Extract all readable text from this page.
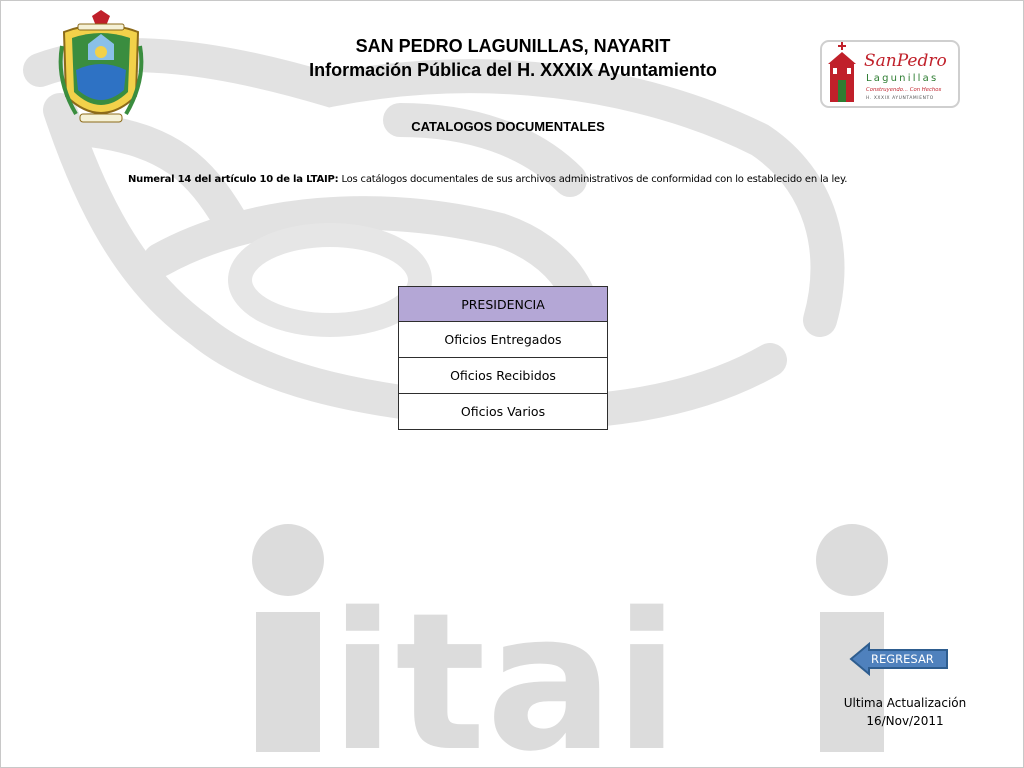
itai
SAN PEDRO LAGUNILLAS, NAYARIT
Información Pública del H. XXXIX Ayuntamiento	SanPedro
Lagunillas
Construyendo... Con Hechos
H. XXXIX AYUNTAMIENTO
CATALOGOS DOCUMENTALES
Numeral 14 del artículo 10 de la LTAIP: Los catálogos documentales de sus archivos administrativos de conformidad con lo establecido en la ley.
PRESIDENCIA
Oficios Entregados
Oficios Recibidos
Oficios Varios
REGRESAR
Ultima Actualización
16/Nov/2011
